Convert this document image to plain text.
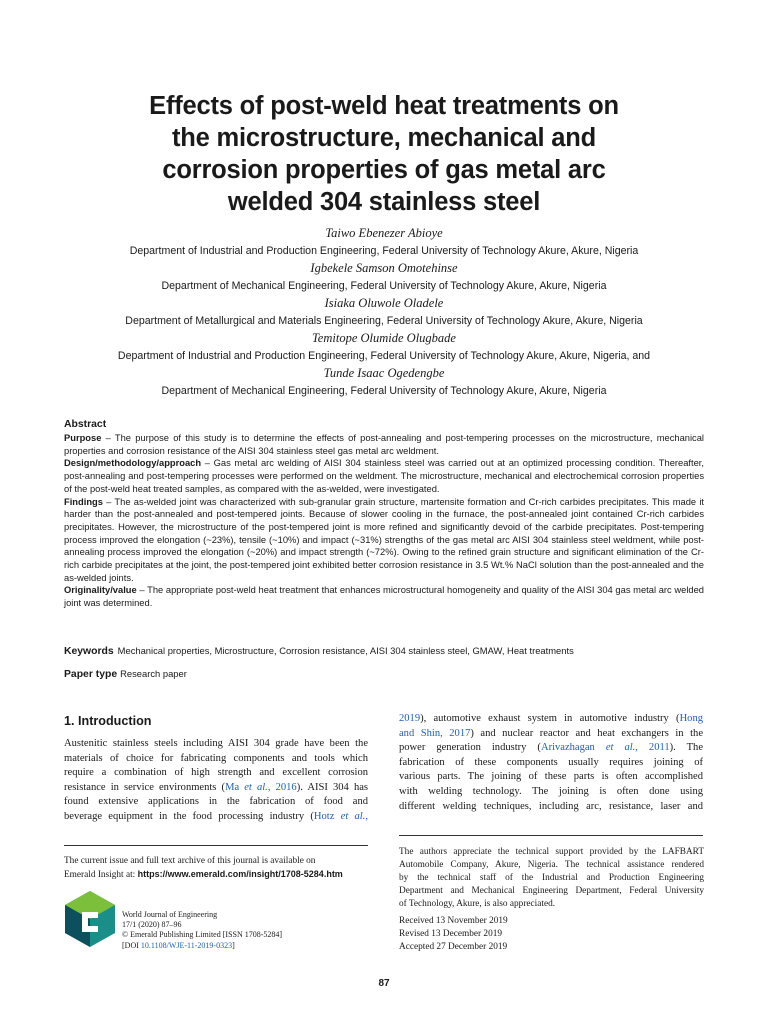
Effects of post-weld heat treatments on
the microstructure, mechanical and
corrosion properties of gas metal arc
welded 304 stainless steel
Taiwo Ebenezer Abioye
Department of Industrial and Production Engineering, Federal University of Technology Akure, Akure, Nigeria
Igbekele Samson Omotehinse
Department of Mechanical Engineering, Federal University of Technology Akure, Akure, Nigeria
Isiaka Oluwole Oladele
Department of Metallurgical and Materials Engineering, Federal University of Technology Akure, Akure, Nigeria
Temitope Olumide Olugbade
Department of Industrial and Production Engineering, Federal University of Technology Akure, Akure, Nigeria, and
Tunde Isaac Ogedengbe
Department of Mechanical Engineering, Federal University of Technology Akure, Akure, Nigeria

Abstract

Purpose – The purpose of this study is to determine the effects of post-annealing and post-tempering processes on the microstructure, mechanical properties and corrosion resistance of the AISI 304 stainless steel gas metal arc weldment.

Design/methodology/approach – Gas metal arc welding of AISI 304 stainless steel was carried out at an optimized processing condition. Thereafter, post-annealing and post-tempering processes were performed on the weldment. The microstructure, mechanical and electrochemical corrosion properties of the post-weld heat treated samples, as compared with the as-welded, were investigated.

Findings – The as-welded joint was characterized with sub-granular grain structure, martensite formation and Cr-rich carbides precipitates. This made it harder than the post-annealed and post-tempered joints. Because of slower cooling in the furnace, the post-annealed joint contained Cr-rich carbides precipitates. However, the microstructure of the post-tempered joint is more refined and significantly devoid of the carbide precipitates. Post-tempering process improved the elongation (~23%), tensile (~10%) and impact (~31%) strengths of the gas metal arc AISI 304 stainless steel weldment, while post-annealing process improved the elongation (~20%) and impact strength (~72%). Owing to the refined grain structure and significant elimination of the Cr-rich carbide precipitates at the joint, the post-tempered joint exhibited better corrosion resistance in 3.5 Wt.% NaCl solution than the post-annealed and the as-welded joints.

Originality/value – The appropriate post-weld heat treatment that enhances microstructural homogeneity and quality of the AISI 304 gas metal arc welded joint was determined.

Keywords Mechanical properties, Microstructure, Corrosion resistance, AISI 304 stainless steel, GMAW, Heat treatments
Paper type Research paper
1. Introduction
Austenitic stainless steels including AISI 304 grade have been the
materials of choice for fabricating components and tools which
require a combination of high strength and excellent corrosion
resistance in service environments (Ma et al., 2016). AISI 304 has
found extensive applications in the fabrication of food and
beverage equipment in the food processing industry (Hotz et al.,
2019), automotive exhaust system in automotive industry (Hong
and Shin, 2017) and nuclear reactor and heat exchangers in the
power generation industry (Arivazhagan et al., 2011). The
fabrication of these components usually requires joining of
various parts. The joining of these parts is often accomplished
with welding technology. The joining is often done using
different welding techniques, including arc, resistance, laser and
The current issue and full text archive of this journal is available on
Emerald Insight at: https://www.emerald.com/insight/1708-5284.htm
World Journal of Engineering
17/1 (2020) 87–96
© Emerald Publishing Limited [ISSN 1708-5284]
[DOI 10.1108/WJE-11-2019-0323]
The authors appreciate the technical support provided by the LAFBART
Automobile Company, Akure, Nigeria. The technical assistance rendered
by the technical staff of the Industrial and Production Engineering
Department and Mechanical Engineering Department, Federal University
of Technology, Akure, is also appreciated.
Received 13 November 2019
Revised 13 December 2019
Accepted 27 December 2019
87
